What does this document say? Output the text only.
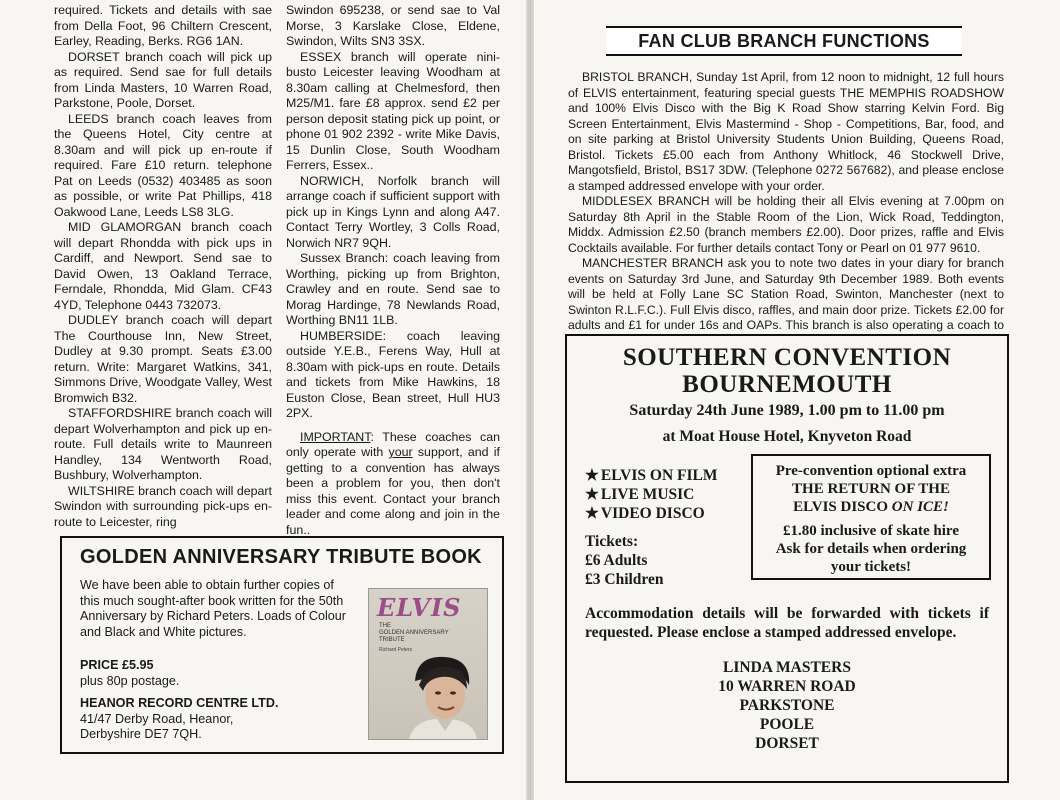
required. Tickets and details with sae from Della Foot, 96 Chiltern Crescent, Earley, Reading, Berks. RG6 1AN.

DORSET branch coach will pick up as required. Send sae for full details from Linda Masters, 10 Warren Road, Parkstone, Poole, Dorset.

LEEDS branch coach leaves from the Queens Hotel, City centre at 8.30am and will pick up en-route if required. Fare £10 return. telephone Pat on Leeds (0532) 403485 as soon as possible, or write Pat Phillips, 418 Oakwood Lane, Leeds LS8 3LG.

MID GLAMORGAN branch coach will depart Rhondda with pick ups in Cardiff, and Newport. Send sae to David Owen, 13 Oakland Terrace, Ferndale, Rhondda, Mid Glam. CF43 4YD, Telephone 0443 732073.

DUDLEY branch coach will depart The Courthouse Inn, New Street, Dudley at 9.30 prompt. Seats £3.00 return. Write: Margaret Watkins, 341, Simmons Drive, Woodgate Valley, West Bromwich B32.

STAFFORDSHIRE branch coach will depart Wolverhampton and pick up en-route. Full details write to Maunreen Handley, 134 Wentworth Road, Bushbury, Wolverhampton.

WILTSHIRE branch coach will depart Swindon with surrounding pick-ups en-route to Leicester, ring

Swindon 695238, or send sae to Val Morse, 3 Karslake Close, Eldene, Swindon, Wilts SN3 3SX.

ESSEX branch will operate nini-busto Leicester leaving Woodham at 8.30am calling at Chelmesford, then M25/M1. fare £8 approx. send £2 per person deposit stating pick up point, or phone 01 902 2392 - write Mike Davis, 15 Dunlin Close, South Woodham Ferrers, Essex..

NORWICH, Norfolk branch will arrange coach if sufficient support with pick up in Kings Lynn and along A47. Contact Terry Wortley, 3 Colls Road, Norwich NR7 9QH.

Sussex Branch: coach leaving from Worthing, picking up from Brighton, Crawley and en route. Send sae to Morag Hardinge, 78 Newlands Road, Worthing BN11 1LB.

HUMBERSIDE: coach leaving outside Y.E.B., Ferens Way, Hull at 8.30am with pick-ups en route. Details and tickets from Mike Hawkins, 18 Euston Close, Bean street, Hull HU3 2PX.

IMPORTANT: These coaches can only operate with your support, and if getting to a convention has always been a problem for you, then don't miss this event. Contact your branch leader and come along and join in the fun..

GOLDEN ANNIVERSARY TRIBUTE BOOK
We have been able to obtain further copies of this much sought-after book written for the 50th Anniversary by Richard Peters. Loads of Colour and Black and White pictures.
PRICE £5.95
plus 80p postage.
HEANOR RECORD CENTRE LTD.
41/47 Derby Road, Heanor,
Derbyshire DE7 7QH.
ELVIS
THE
GOLDEN ANNIVERSARY
TRIBUTE
Richard Peters
FAN CLUB BRANCH FUNCTIONS

BRISTOL BRANCH, Sunday 1st April, from 12 noon to midnight, 12 full hours of ELVIS entertainment, featuring special guests THE MEMPHIS ROADSHOW and 100% Elvis Disco with the Big K Road Show starring Kelvin Ford. Big Screen Entertainment, Elvis Mastermind - Shop - Competitions, Bar, food, and on site parking at Bristol University Students Union Building, Queens Road, Bristol. Tickets £5.00 each from Anthony Whitlock, 46 Stockwell Drive, Mangotsfield, Bristol, BS17 3DW. (Telephone 0272 567682), and please enclose a stamped addressed envelope with your order.

MIDDLESEX BRANCH will be holding their all Elvis evening at 7.00pm on Saturday 8th April in the Stable Room of the Lion, Wick Road, Teddington, Middx. Admission £2.50 (branch members £2.00). Door prizes, raffle and Elvis Cocktails available. For further details contact Tony or Pearl on 01 977 9610.

MANCHESTER BRANCH ask you to note two dates in your diary for branch events on Saturday 3rd June, and Saturday 9th December 1989. Both events will be held at Folly Lane SC Station Road, Swinton, Manchester (next to Swinton R.L.F.C.). Full Elvis disco, raffles, and main door prize. Tickets £2.00 for adults and £1 for under 16s and OAPs. This branch is also operating a coach to

SOUTHERN CONVENTION
BOURNEMOUTH
Saturday 24th June 1989, 1.00 pm to 11.00 pm
at Moat House Hotel, Knyveton Road
★ ELVIS ON FILM
★ LIVE MUSIC
★ VIDEO DISCO
Tickets:
£6 Adults
£3 Children
Pre-convention optional extra
THE RETURN OF THE
ELVIS DISCO ON ICE!
£1.80 inclusive of skate hire
Ask for details when ordering
your tickets!
Accommodation details will be forwarded with tickets if requested. Please enclose a stamped addressed envelope.
LINDA MASTERS
10 WARREN ROAD
PARKSTONE
POOLE
DORSET
